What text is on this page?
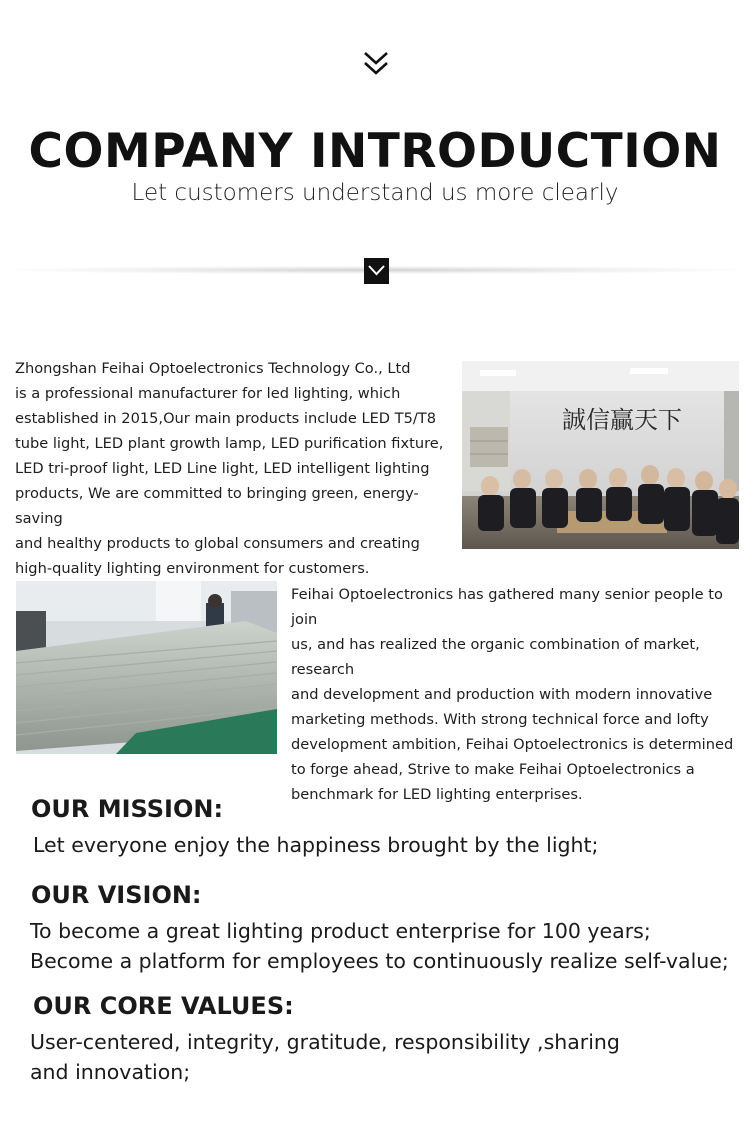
COMPANY INTRODUCTION
Let customers understand us more clearly

Zhongshan Feihai Optoelectronics Technology Co., Ltd
is a professional manufacturer for led lighting, which
established in 2015,Our main products include LED T5/T8
tube light, LED plant growth lamp, LED purification fixture,
LED tri-proof light, LED Line light, LED intelligent lighting
products, We are committed to bringing green, energy-saving
and healthy products to global consumers and creating
high-quality lighting environment for customers.

誠信贏天下

Feihai Optoelectronics has gathered many senior people to join
us, and has realized the organic combination of market, research
and development and production with modern innovative
marketing methods. With strong technical force and lofty
development ambition, Feihai Optoelectronics is determined
to forge ahead, Strive to make Feihai Optoelectronics a
benchmark for LED lighting enterprises.

OUR MISSION:
Let everyone enjoy the happiness brought by the light;
OUR VISION:
To become a great lighting product enterprise for 100 years;
Become a platform for employees to continuously realize self-value;
OUR CORE VALUES:
User-centered, integrity, gratitude, responsibility ,sharing
and innovation;
